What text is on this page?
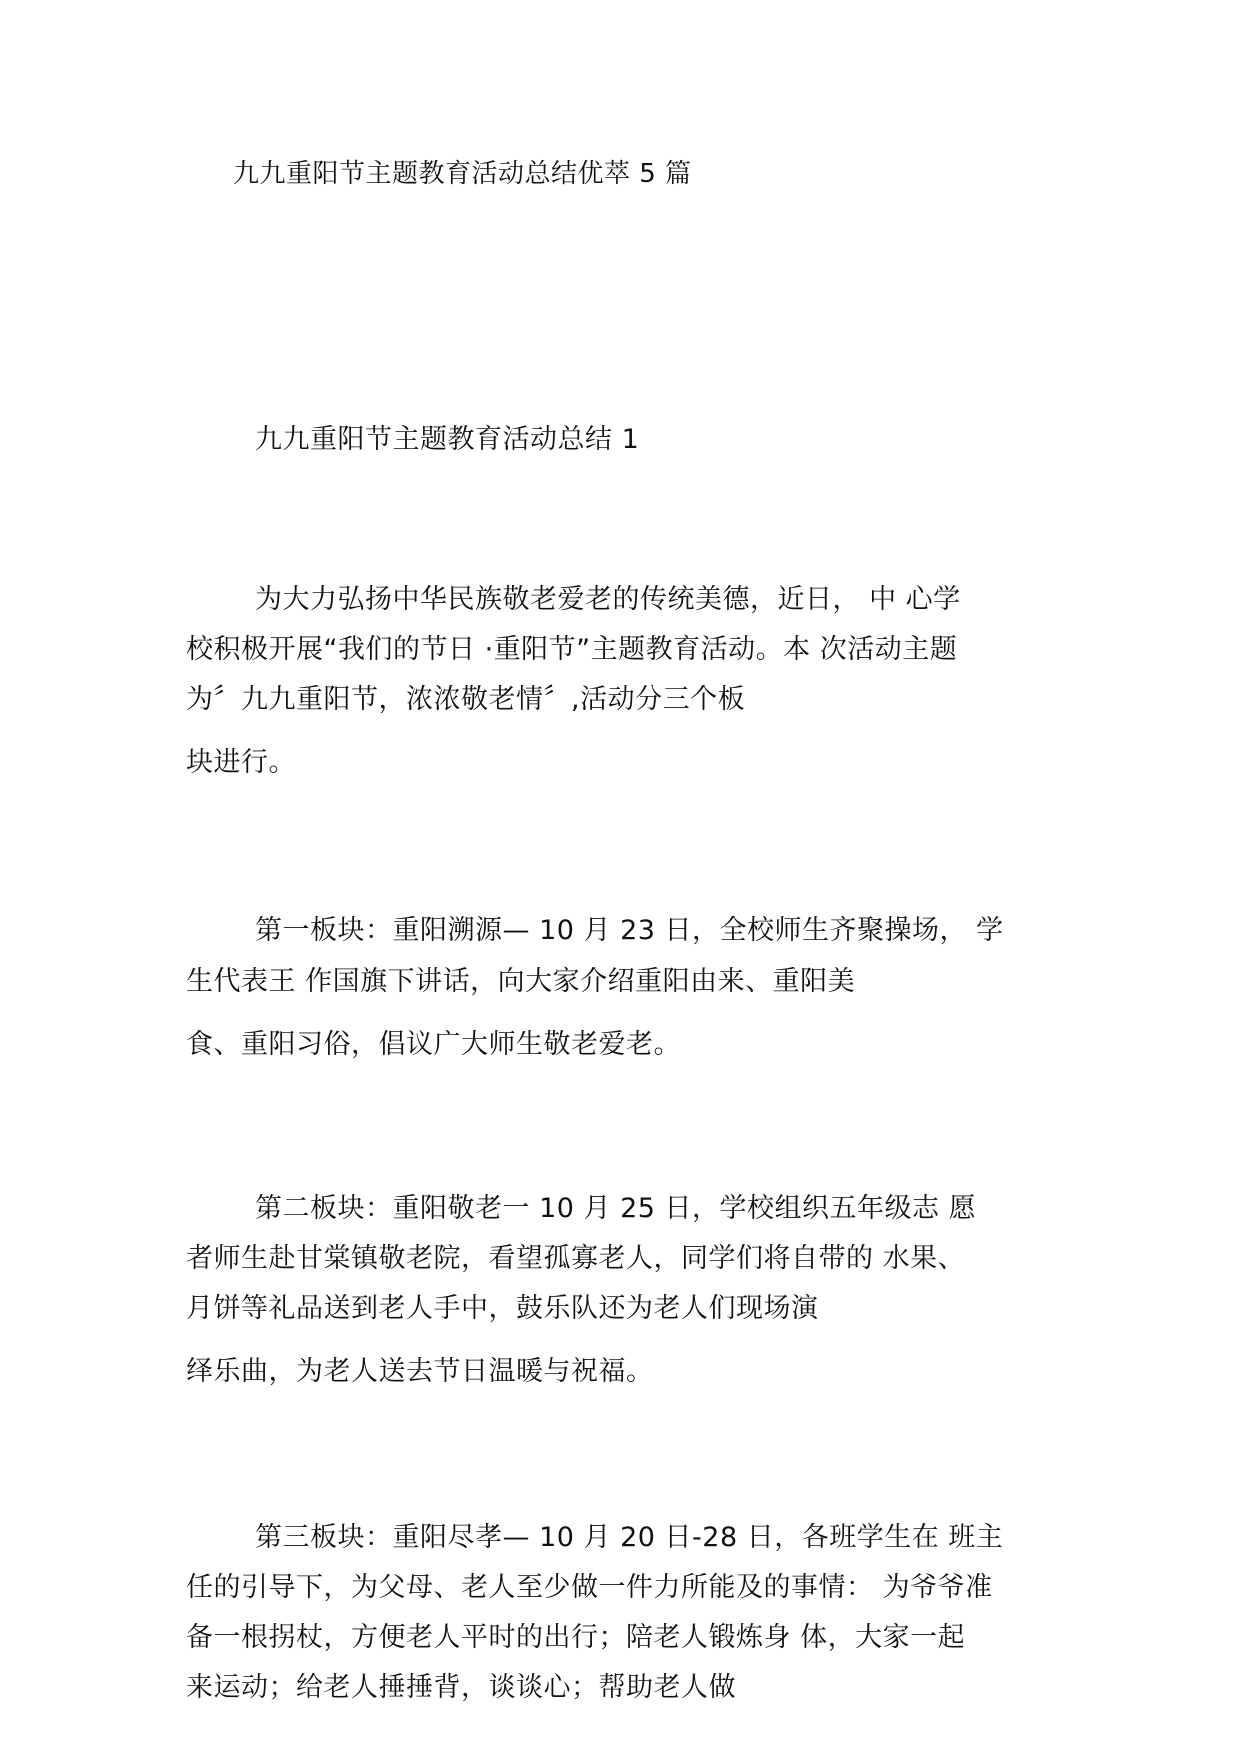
九九重阳节主题教育活动总结优萃 5 篇
九九重阳节主题教育活动总结 1
为大力弘扬中华民族敬老爱老的传统美德，近日， 中 心学
校积极开展“我们的节日 ·重阳节”主题教育活动。本 次活动主题
为〞九九重阳节，浓浓敬老情〞,活动分三个板
块进行。
第一板块：重阳溯源— 10 月 23 日，全校师生齐聚操场， 学
生代表王 作国旗下讲话，向大家介绍重阳由来、重阳美
食、重阳习俗，倡议广大师生敬老爱老。
第二板块：重阳敬老一 10 月 25 日，学校组织五年级志 愿
者师生赴甘棠镇敬老院，看望孤寡老人，同学们将自带的 水果、
月饼等礼品送到老人手中，鼓乐队还为老人们现场演
绎乐曲，为老人送去节日温暖与祝福。
第三板块：重阳尽孝— 10 月 20 日-28 日，各班学生在 班主
任的引导下，为父母、老人至少做一件力所能及的事情： 为爷爷准
备一根拐杖，方便老人平时的出行；陪老人锻炼身 体，大家一起
来运动；给老人捶捶背，谈谈心；帮助老人做
